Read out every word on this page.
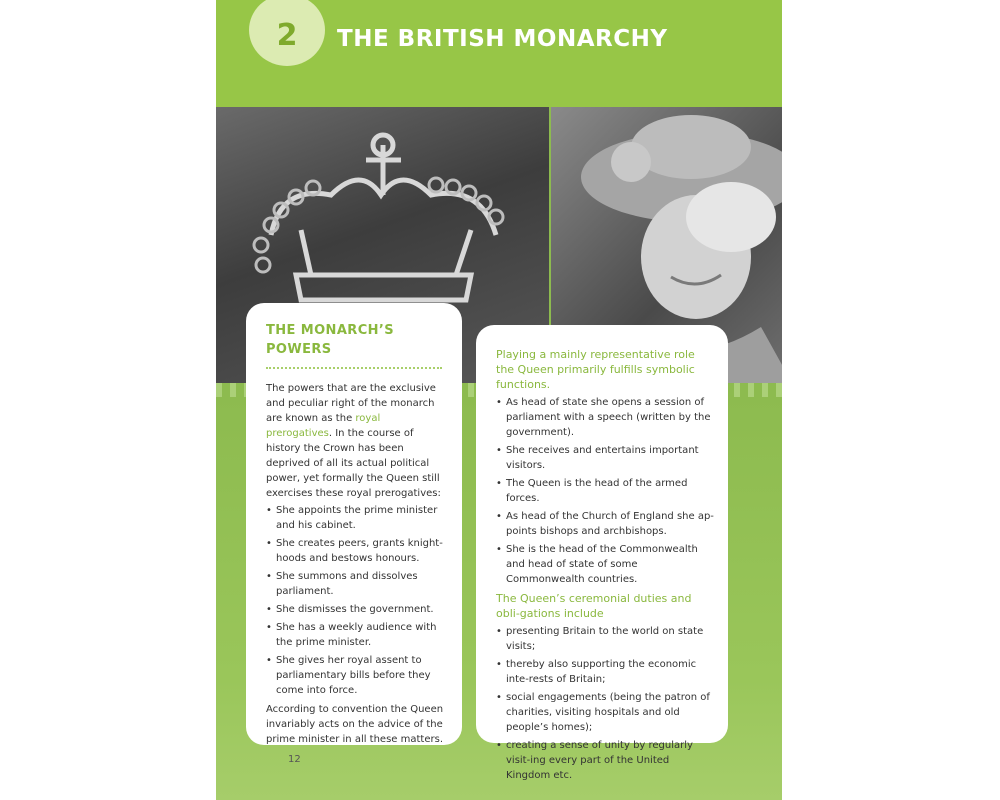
2	THE BRITISH MONARCHY

THE MONARCH’S

POWERS

The powers that are the exclusive and peculiar right of the monarch are known as the royal prerogatives. In the course of history the Crown has been deprived of all its actual political power, yet formally the Queen still exercises these royal prerogatives:

• She appoints the prime minister and his cabinet.
• She creates peers, grants knight-hoods and bestows honours.
• She summons and dissolves parliament.
• She dismisses the government.
• She has a weekly audience with the prime minister.
• She gives her royal assent to parliamentary bills before they come into force.

According to convention the Queen invariably acts on the advice of the prime minister in all these matters.

Playing a mainly representative role the Queen primarily fulfills symbolic functions.

• As head of state she opens a session of parliament with a speech (written by the government).
• She receives and entertains important visitors.
• The Queen is the head of the armed forces.
• As head of the Church of England she ap-points bishops and archbishops.
• She is the head of the Commonwealth and head of state of some Commonwealth countries.

The Queen’s ceremonial duties and obli-gations include

• presenting Britain to the world on state visits;
• thereby also supporting the economic inte-rests of Britain;
• social engagements (being the patron of charities, visiting hospitals and old people’s homes);
• creating a sense of unity by regularly visit-ing every part of the United Kingdom etc.
12
